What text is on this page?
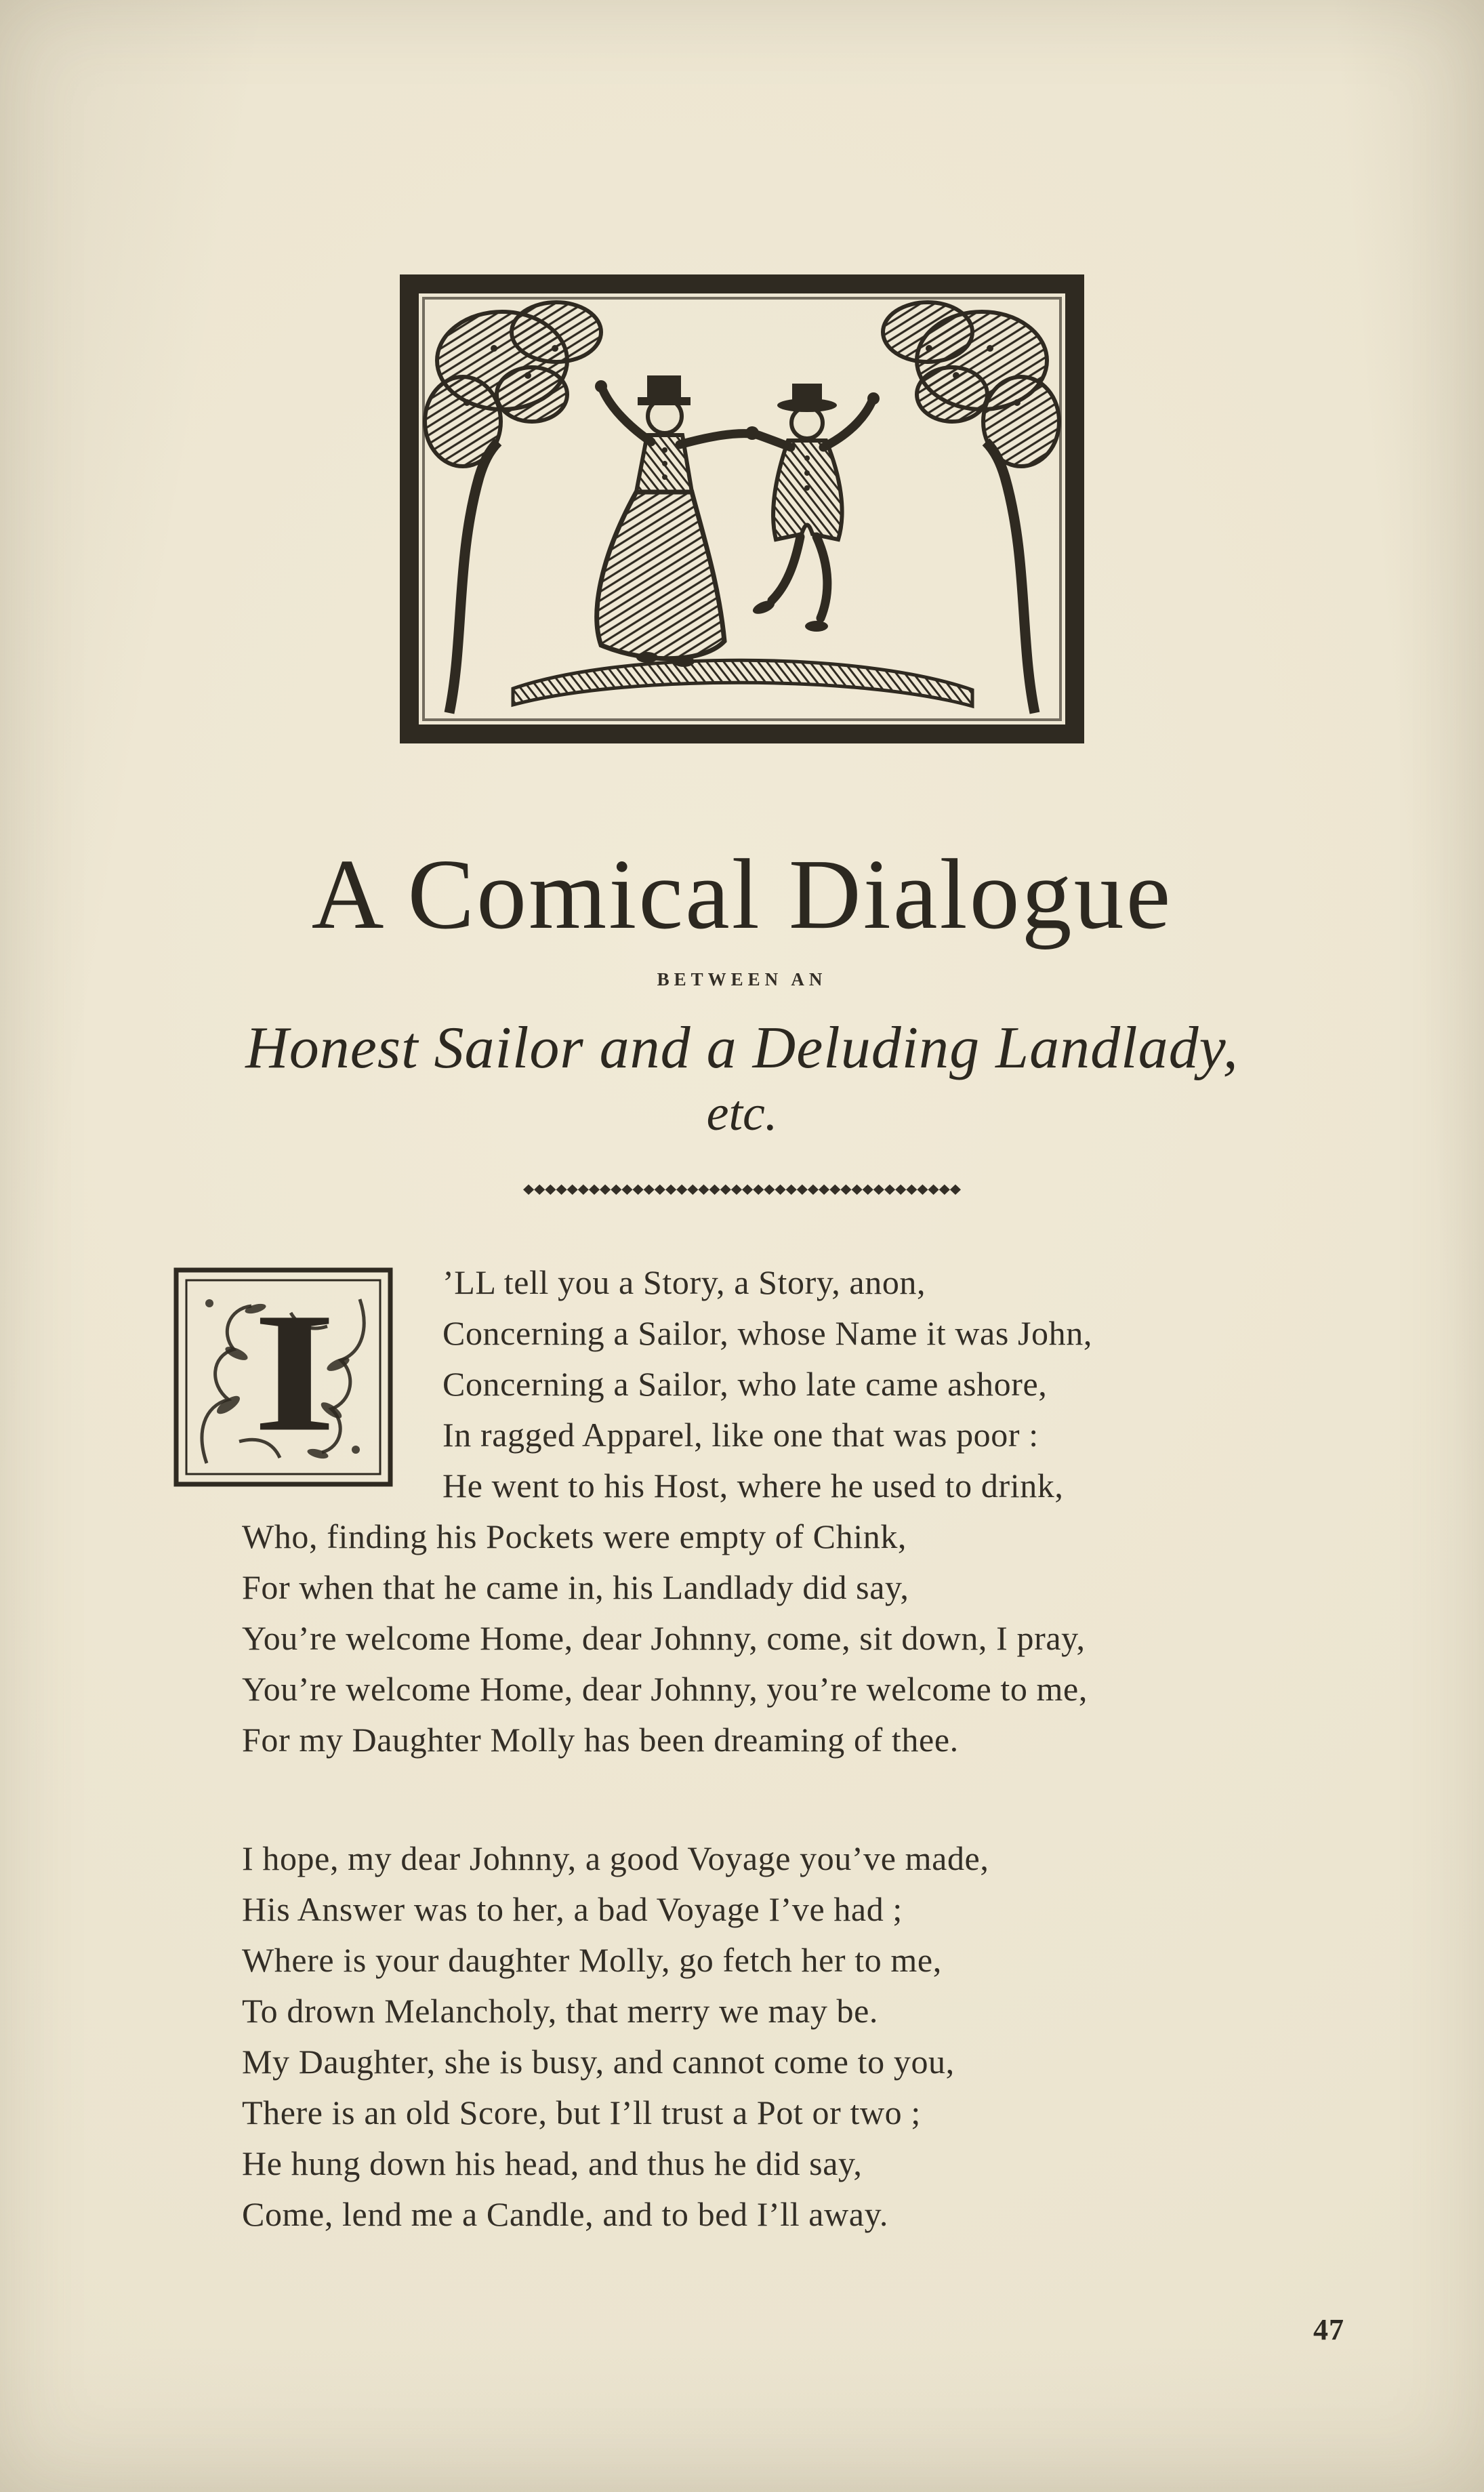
A Comical Dialogue
BETWEEN AN
Honest Sailor and a Deluding Landlady,
etc.
◆◆◆◆◆◆◆◆◆◆◆◆◆◆◆◆◆◆◆◆◆◆◆◆◆◆◆◆◆◆◆◆◆◆◆◆◆◆◆◆
I	’LL tell you a Story, a Story, anon,
Concerning a Sailor, whose Name it was John,
Concerning a Sailor, who late came ashore,
In ragged Apparel, like one that was poor :
He went to his Host, where he used to drink,
Who, finding his Pockets were empty of Chink,
For when that he came in, his Landlady did say,
You’re welcome Home, dear Johnny, come, sit down, I pray,
You’re welcome Home, dear Johnny, you’re welcome to me,
For my Daughter Molly has been dreaming of thee.
I hope, my dear Johnny, a good Voyage you’ve made,
His Answer was to her, a bad Voyage I’ve had ;
Where is your daughter Molly, go fetch her to me,
To drown Melancholy, that merry we may be.
My Daughter, she is busy, and cannot come to you,
There is an old Score, but I’ll trust a Pot or two ;
He hung down his head, and thus he did say,
Come, lend me a Candle, and to bed I’ll away.
47
